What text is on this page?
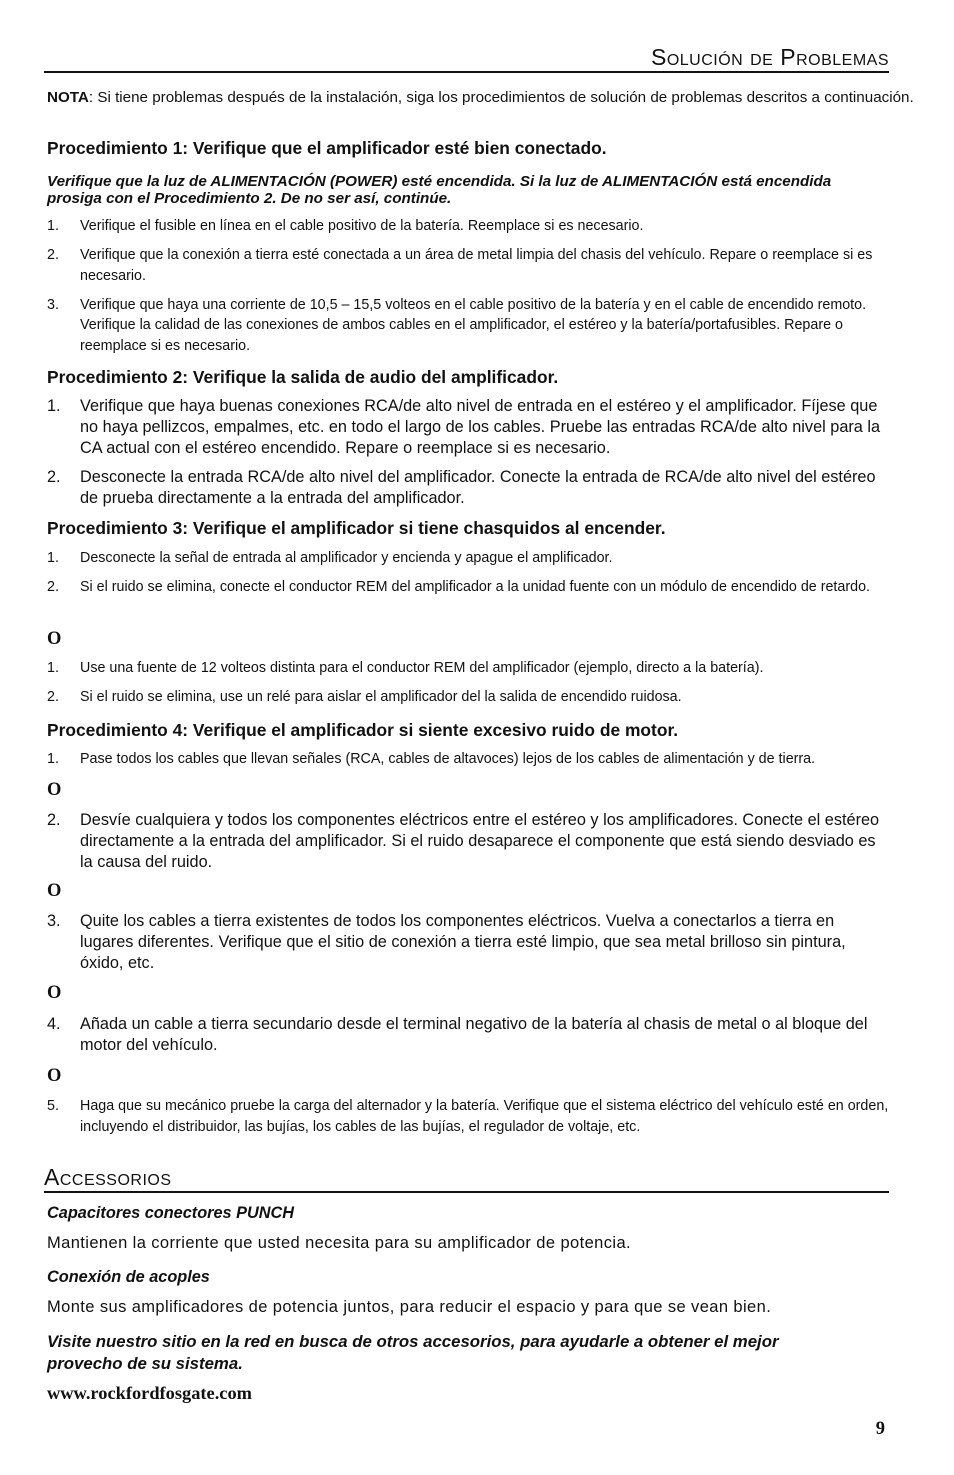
Solución de Problemas
NOTA: Si tiene problemas después de la instalación, siga los procedimientos de solución de problemas descritos a continuación.
Procedimiento 1: Verifique que el amplificador esté bien conectado.
Verifique que la luz de ALIMENTACIÓN (POWER) esté encendida. Si la luz de ALIMENTACIÓN está encendida prosiga con el Procedimiento 2. De no ser así, continúe.
1. Verifique el fusible en línea en el cable positivo de la batería. Reemplace si es necesario.
2. Verifique que la conexión a tierra esté conectada a un área de metal limpia del chasis del vehículo. Repare o reemplace si es necesario.
3. Verifique que haya una corriente de 10,5 – 15,5 volteos en el cable positivo de la batería y en el cable de encendido remoto. Verifique la calidad de las conexiones de ambos cables en el amplificador, el estéreo y la batería/portafusibles. Repare o reemplace si es necesario.
Procedimiento 2: Verifique la salida de audio del amplificador.
1. Verifique que haya buenas conexiones RCA/de alto nivel de entrada en el estéreo y el amplificador. Fíjese que no haya pellizcos, empalmes, etc. en todo el largo de los cables. Pruebe las entradas RCA/de alto nivel para la CA actual con el estéreo encendido. Repare o reemplace si es necesario.
2. Desconecte la entrada RCA/de alto nivel del amplificador. Conecte la entrada de RCA/de alto nivel del estéreo de prueba directamente a la entrada del amplificador.
Procedimiento 3: Verifique el amplificador si tiene chasquidos al encender.
1. Desconecte la señal de entrada al amplificador y encienda y apague el amplificador.
2. Si el ruido se elimina, conecte el conductor REM del amplificador a la unidad fuente con un módulo de encendido de retardo.
O
1. Use una fuente de 12 volteos distinta para el conductor REM del amplificador (ejemplo, directo a la batería).
2. Si el ruido se elimina, use un relé para aislar el amplificador del la salida de encendido ruidosa.
Procedimiento 4: Verifique el amplificador si siente excesivo ruido de motor.
1. Pase todos los cables que llevan señales (RCA, cables de altavoces) lejos de los cables de alimentación y de tierra.
O
2. Desvíe cualquiera y todos los componentes eléctricos entre el estéreo y los amplificadores. Conecte el estéreo directamente a la entrada del amplificador. Si el ruido desaparece el componente que está siendo desviado es la causa del ruido.
O
3. Quite los cables a tierra existentes de todos los componentes eléctricos. Vuelva a conectarlos a tierra en lugares diferentes. Verifique que el sitio de conexión a tierra esté limpio, que sea metal brilloso sin pintura, óxido, etc.
O
4. Añada un cable a tierra secundario desde el terminal negativo de la batería al chasis de metal o al bloque del motor del vehículo.
O
5. Haga que su mecánico pruebe la carga del alternador y la batería. Verifique que el sistema eléctrico del vehículo esté en orden, incluyendo el distribuidor, las bujías, los cables de las bujías, el regulador de voltaje, etc.
Accessorios
Capacitores conectores PUNCH
Mantienen la corriente que usted necesita para su amplificador de potencia.
Conexión de acoples
Monte sus amplificadores de potencia juntos, para reducir el espacio y para que se vean bien.
Visite nuestro sitio en la red en busca de otros accesorios, para ayudarle a obtener el mejor provecho de su sistema.
www.rockfordfosgate.com
9
